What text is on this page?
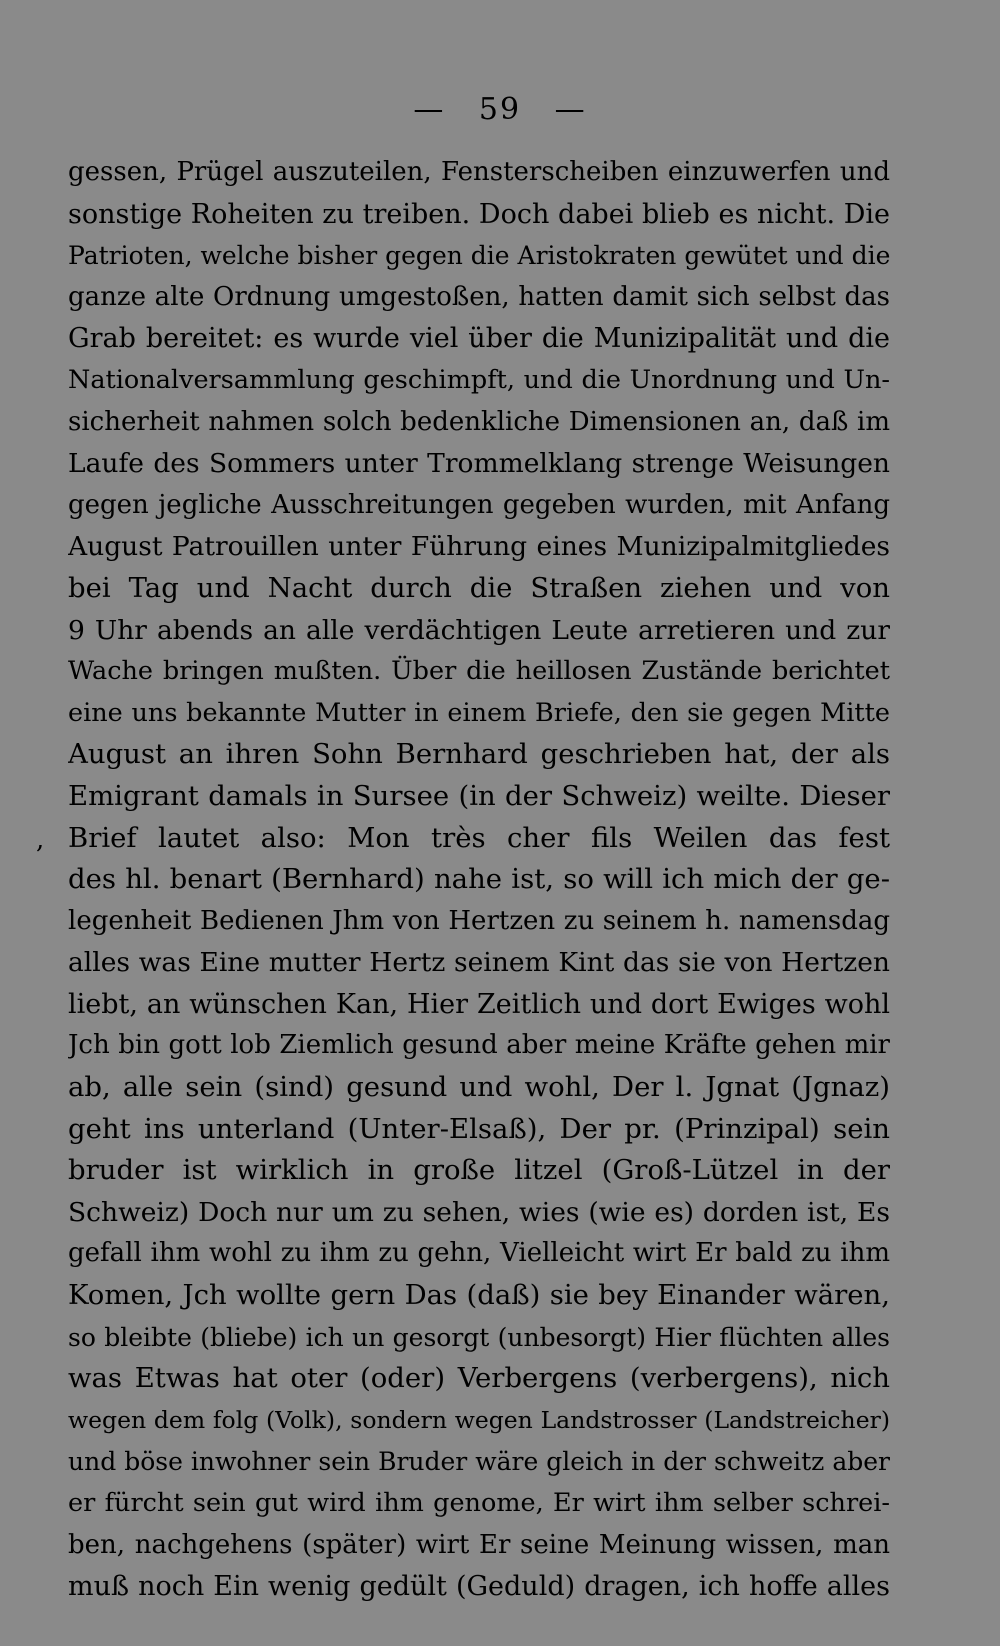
— 59 —
,
gessen, Prügel auszuteilen, Fensterscheiben einzuwerfen und
sonstige Roheiten zu treiben. Doch dabei blieb es nicht. Die
Patrioten, welche bisher gegen die Aristokraten gewütet und die
ganze alte Ordnung umgestoßen, hatten damit sich selbst das
Grab bereitet: es wurde viel über die Munizipalität und die
Nationalversammlung geschimpft, und die Unordnung und Un-
sicherheit nahmen solch bedenkliche Dimensionen an, daß im
Laufe des Sommers unter Trommelklang strenge Weisungen
gegen jegliche Ausschreitungen gegeben wurden, mit Anfang
August Patrouillen unter Führung eines Munizipalmitgliedes
bei Tag und Nacht durch die Straßen ziehen und von
9 Uhr abends an alle verdächtigen Leute arretieren und zur
Wache bringen mußten. Über die heillosen Zustände berichtet
eine uns bekannte Mutter in einem Briefe, den sie gegen Mitte
August an ihren Sohn Bernhard geschrieben hat, der als
Emigrant damals in Sursee (in der Schweiz) weilte. Dieser
Brief lautet also: Mon très cher fils Weilen das fest
des hl. benart (Bernhard) nahe ist, so will ich mich der ge-
legenheit Bedienen Jhm von Hertzen zu seinem h. namensdag
alles was Eine mutter Hertz seinem Kint das sie von Hertzen
liebt, an wünschen Kan, Hier Zeitlich und dort Ewiges wohl
Jch bin gott lob Ziemlich gesund aber meine Kräfte gehen mir
ab, alle sein (sind) gesund und wohl, Der l. Jgnat (Jgnaz)
geht ins unterland (Unter-Elsaß), Der pr. (Prinzipal) sein
bruder ist wirklich in große litzel (Groß-Lützel in der
Schweiz) Doch nur um zu sehen, wies (wie es) dorden ist, Es
gefall ihm wohl zu ihm zu gehn, Vielleicht wirt Er bald zu ihm
Komen, Jch wollte gern Das (daß) sie bey Einander wären,
so bleibte (bliebe) ich un gesorgt (unbesorgt) Hier flüchten alles
was Etwas hat oter (oder) Verbergens (verbergens), nich
wegen dem folg (Volk), sondern wegen Landstrosser (Landstreicher)
und böse inwohner sein Bruder wäre gleich in der schweitz aber
er fürcht sein gut wird ihm genome, Er wirt ihm selber schrei-
ben, nachgehens (später) wirt Er seine Meinung wissen, man
muß noch Ein wenig gedült (Geduld) dragen, ich hoffe alles
